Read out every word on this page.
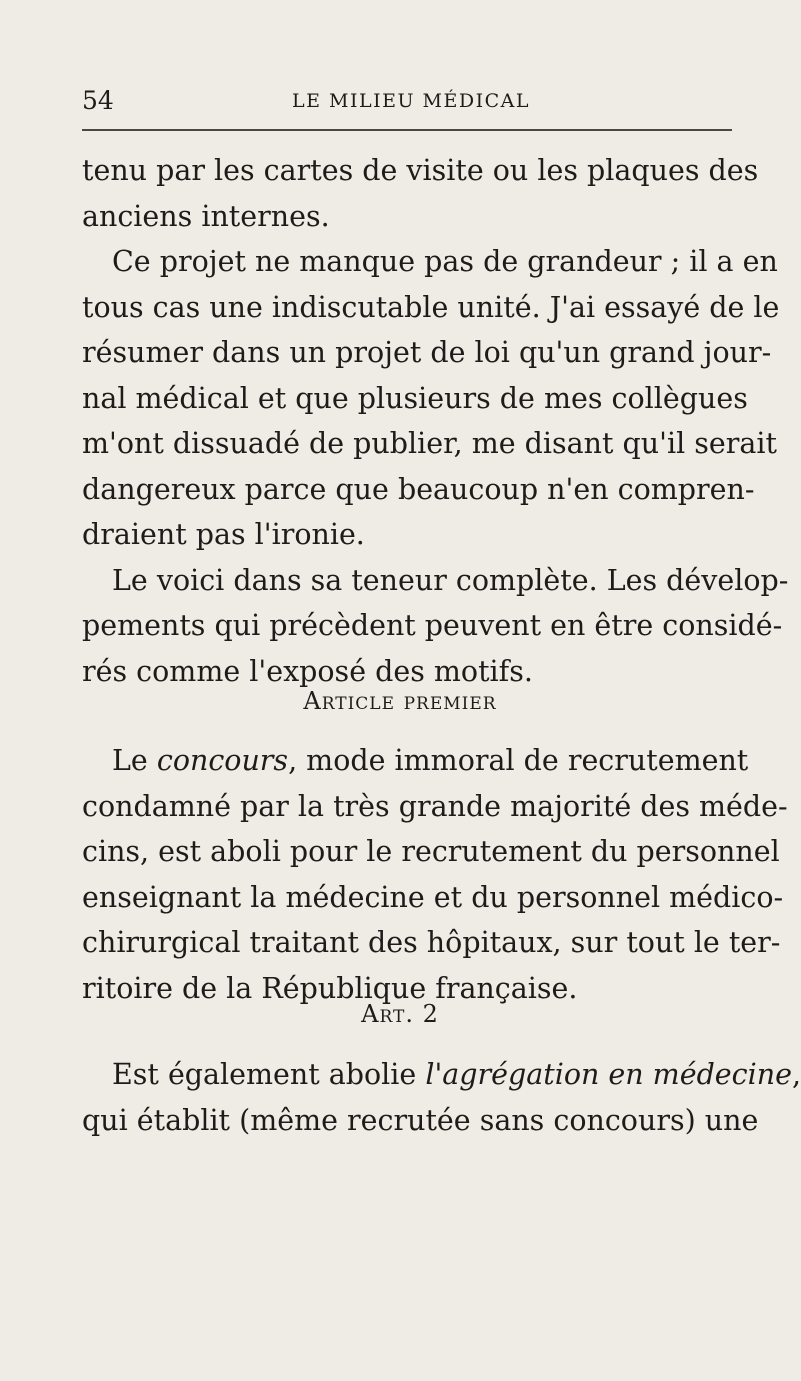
54	LE MILIEU MÉDICAL
tenu par les cartes de visite ou les plaques des
anciens internes.
Ce projet ne manque pas de grandeur ; il a en
tous cas une indiscutable unité. J'ai essayé de le
résumer dans un projet de loi qu'un grand jour-
nal médical et que plusieurs de mes collègues
m'ont dissuadé de publier, me disant qu'il serait
dangereux parce que beaucoup n'en compren-
draient pas l'ironie.
Le voici dans sa teneur complète. Les dévelop-
pements qui précèdent peuvent en être considé-
rés comme l'exposé des motifs.
Article premier
Le concours, mode immoral de recrutement
condamné par la très grande majorité des méde-
cins, est aboli pour le recrutement du personnel
enseignant la médecine et du personnel médico-
chirurgical traitant des hôpitaux, sur tout le ter-
ritoire de la République française.
Art. 2
Est également abolie l'agrégation en médecine,
qui établit (même recrutée sans concours) une
